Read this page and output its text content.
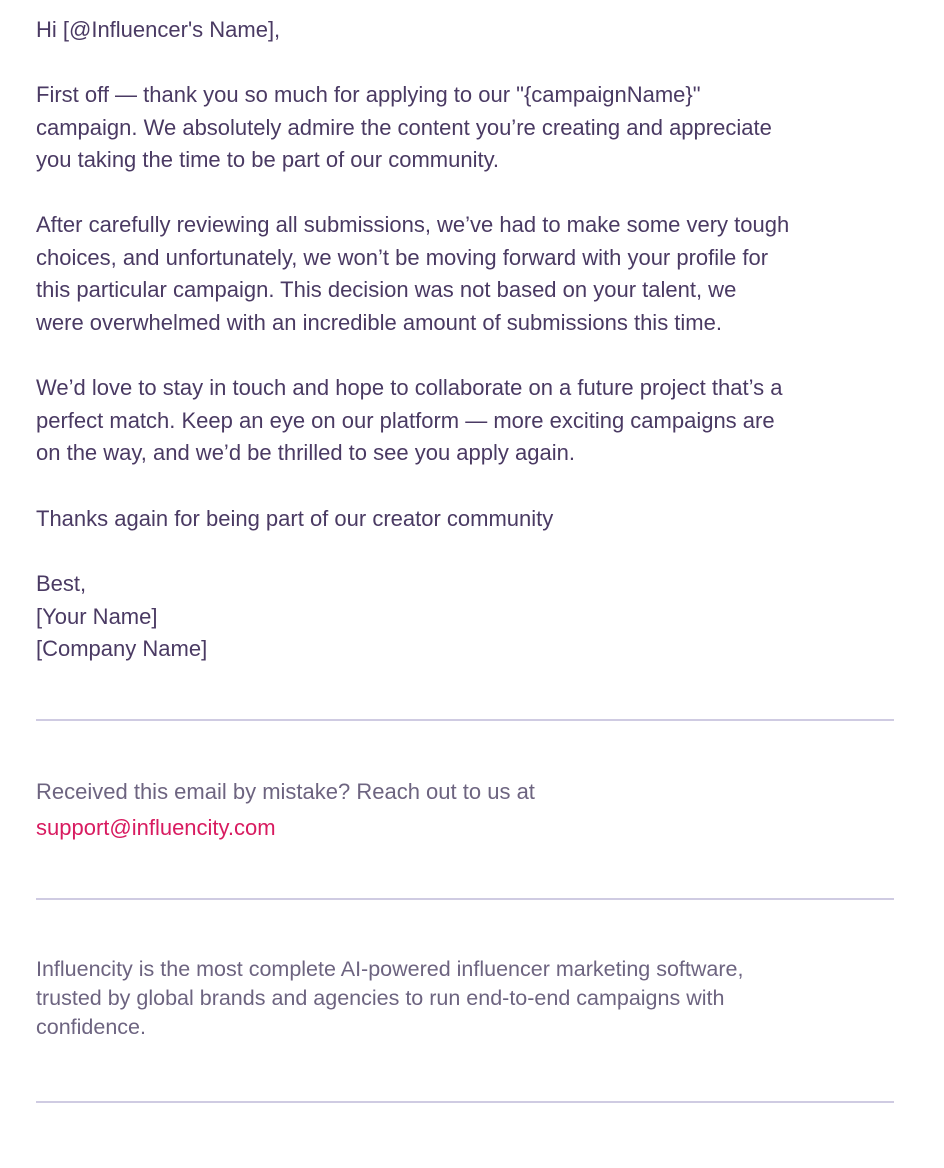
Hi [@Influencer's Name],

First off — thank you so much for applying to our "{campaignName}"
campaign. We absolutely admire the content you’re creating and appreciate
you taking the time to be part of our community.

After carefully reviewing all submissions, we’ve had to make some very tough
choices, and unfortunately, we won’t be moving forward with your profile for
this particular campaign. This decision was not based on your talent, we
were overwhelmed with an incredible amount of submissions this time.

We’d love to stay in touch and hope to collaborate on a future project that’s a
perfect match. Keep an eye on our platform — more exciting campaigns are
on the way, and we’d be thrilled to see you apply again.

Thanks again for being part of our creator community

Best,
[Your Name]
[Company Name]

Received this email by mistake? Reach out to us at
support@influencity.com
Influencity is the most complete AI-powered influencer marketing software,
trusted by global brands and agencies to run end-to-end campaigns with
confidence.
